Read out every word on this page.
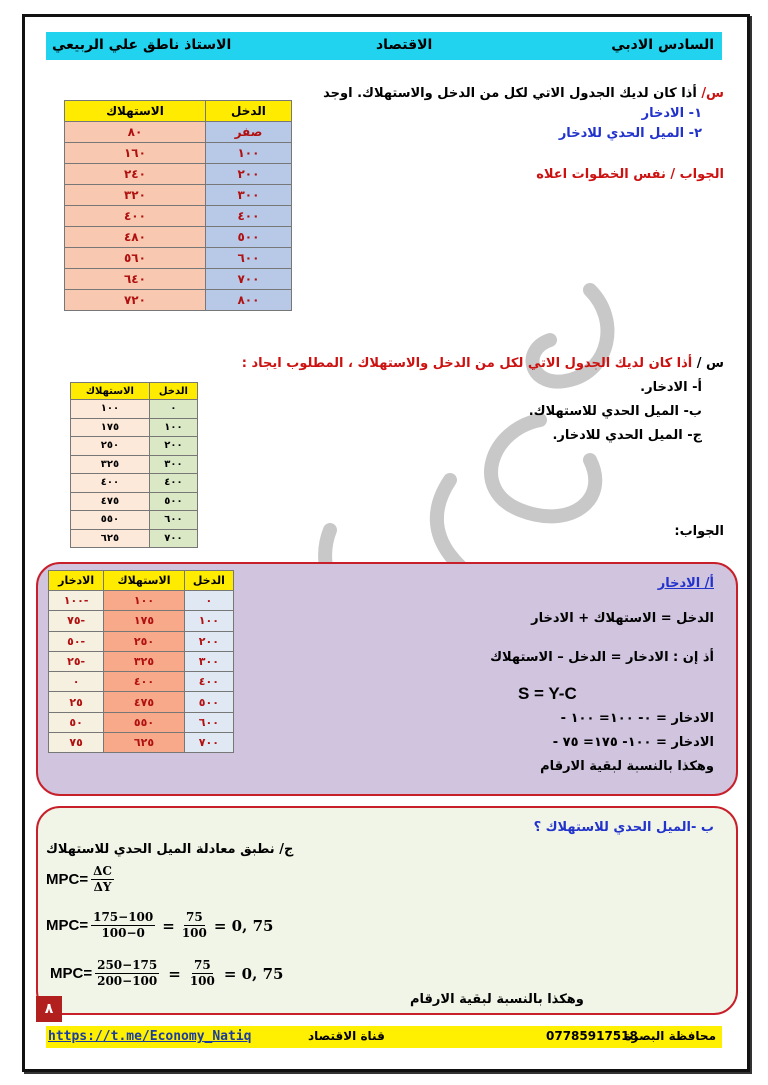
السادس الادبي
الاقتصاد
الاستاذ ناطق علي الربيعي
س/ أذا كان لديك الجدول الاتي لكل من الدخل والاستهلاك. اوجد
١- الادخار
٢- الميل الحدي للادخار
الجواب / نفس الخطوات اعلاه
الدخل	الاستهلاك
صفر	٨٠
١٠٠	١٦٠
٢٠٠	٢٤٠
٣٠٠	٣٢٠
٤٠٠	٤٠٠
٥٠٠	٤٨٠
٦٠٠	٥٦٠
٧٠٠	٦٤٠
٨٠٠	٧٢٠
س / أذا كان لديك الجدول الاتي لكل من الدخل والاستهلاك ، المطلوب ايجاد :
أ- الادخار.
ب- الميل الحدي للاستهلاك.
ج- الميل الحدي للادخار.
الجواب:
الدخل	الاستهلاك
٠	١٠٠
١٠٠	١٧٥
٢٠٠	٢٥٠
٣٠٠	٣٢٥
٤٠٠	٤٠٠
٥٠٠	٤٧٥
٦٠٠	٥٥٠
٧٠٠	٦٢٥
أ/ الادخار
الدخل = الاستهلاك + الادخار
أذ إن : الادخار = الدخل – الاستهلاك
S = Y-C
الادخار = ٠- ١٠٠= ١٠٠ -
الادخار = ١٠٠- ١٧٥= ٧٥ -
وهكذا بالنسبة لبقية الارقام
الدخل	الاستهلاك	الادخار
٠	١٠٠	-١٠٠
١٠٠	١٧٥	-٧٥
٢٠٠	٢٥٠	-٥٠
٣٠٠	٣٢٥	-٢٥
٤٠٠	٤٠٠	٠
٥٠٠	٤٧٥	٢٥
٦٠٠	٥٥٠	٥٠
٧٠٠	٦٢٥	٧٥
ب -الميل الحدي للاستهلاك ؟
ج/ نطبق معادلة الميل الحدي للاستهلاك
$MPC= \frac{\Delta C}{\Delta Y}$
$MPC= \frac{175-100}{100-0} = \frac{75}{100} = 0$, 75
$MPC= \frac{250-175}{200-100} = \frac{75}{100} = 0$, 75
وهكذا بالنسبة لبقية الارقام
٨
محافظة البصرة
07785917518
قناة الاقتصاد
https://t.me/Economy_Natiq
